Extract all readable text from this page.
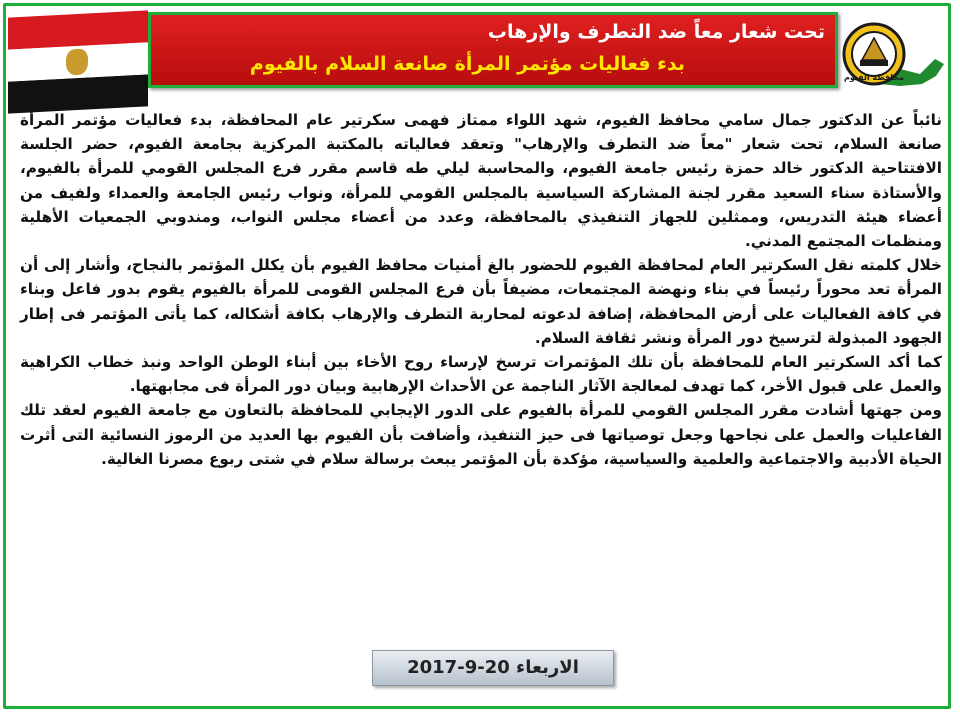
تحت شعار معاً ضد التطرف والإرهاب
بدء فعاليات مؤتمر المرأة صانعة السلام بالفيوم
محافظة الفيوم

نائباً عن الدكتور جمال سامي محافظ الفيوم، شهد اللواء ممتاز فهمى سكرتير عام المحافظة، بدء فعاليات مؤتمر المرأة صانعة السلام، تحت شعار "معاً ضد التطرف والإرهاب" وتعقد فعالياته بالمكتبة المركزية بجامعة الفيوم، حضر الجلسة الافتتاحية الدكتور خالد حمزة رئيس جامعة الفيوم، والمحاسبة ليلي طه قاسم مقرر فرع المجلس القومي للمرأة بالفيوم، والأستاذة سناء السعيد مقرر لجنة المشاركة السياسية بالمجلس القومي للمرأة، ونواب رئيس الجامعة والعمداء ولفيف من أعضاء هيئة التدريس، وممثلين للجهاز التنفيذي بالمحافظة، وعدد من أعضاء مجلس النواب، ومندوبي الجمعيات الأهلية ومنظمات المجتمع المدني.

خلال كلمته نقل السكرتير العام لمحافظة الفيوم للحضور بالغ أمنيات محافظ الفيوم بأن يكلل المؤتمر بالنجاح، وأشار إلى أن المرأة تعد محوراً رئيساً في بناء ونهضة المجتمعات، مضيفاً بأن فرع المجلس القومى للمرأة بالفيوم يقوم بدور فاعل وبناء في كافة الفعاليات على أرض المحافظة، إضافة لدعوته لمحاربة التطرف والإرهاب بكافة أشكاله، كما يأتى المؤتمر فى إطار الجهود المبذولة لترسيخ دور المرأة ونشر ثقافة السلام.

كما أكد السكرتير العام للمحافظة بأن تلك المؤتمرات ترسخ لإرساء روح الأخاء بين أبناء الوطن الواحد ونبذ خطاب الكراهية والعمل على قبول الأخر، كما تهدف لمعالجة الآثار الناجمة عن الأحداث الإرهابية وبيان دور المرأة فى مجابهتها.

ومن جهتها أشادت مقرر المجلس القومي للمرأة بالفيوم على الدور الإيجابي للمحافظة بالتعاون مع جامعة الفيوم لعقد تلك الفاعليات والعمل على نجاحها وجعل توصياتها فى حيز التنفيذ، وأضافت بأن الفيوم بها العديد من الرموز النسائية التى أثرت الحياة الأدبية والاجتماعية والعلمية والسياسية، مؤكدة بأن المؤتمر يبعث برسالة سلام في شتى ربوع مصرنا الغالية.

الاربعاء 20-9-2017
